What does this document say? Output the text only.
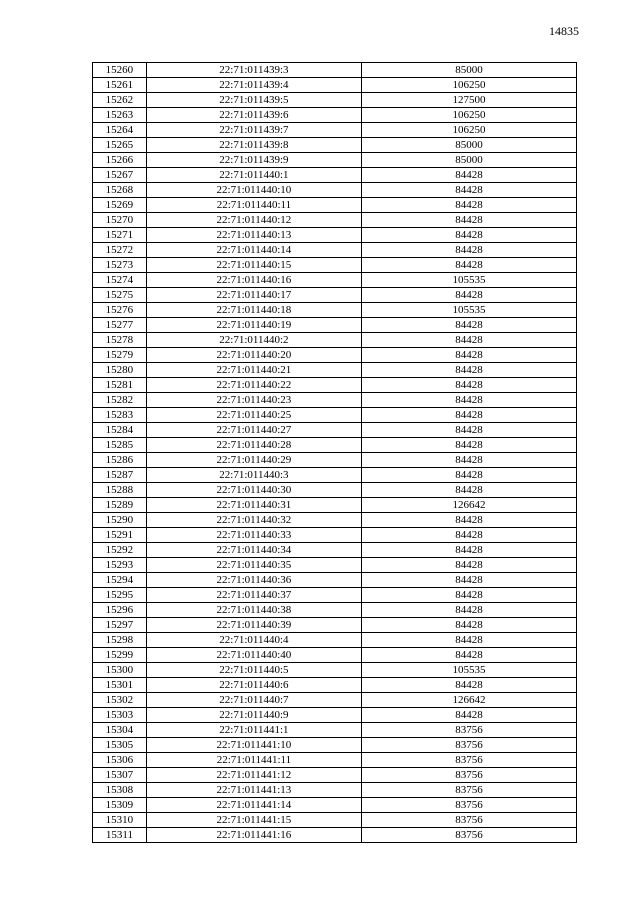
14835
15260	22:71:011439:3	85000
15261	22:71:011439:4	106250
15262	22:71:011439:5	127500
15263	22:71:011439:6	106250
15264	22:71:011439:7	106250
15265	22:71:011439:8	85000
15266	22:71:011439:9	85000
15267	22:71:011440:1	84428
15268	22:71:011440:10	84428
15269	22:71:011440:11	84428
15270	22:71:011440:12	84428
15271	22:71:011440:13	84428
15272	22:71:011440:14	84428
15273	22:71:011440:15	84428
15274	22:71:011440:16	105535
15275	22:71:011440:17	84428
15276	22:71:011440:18	105535
15277	22:71:011440:19	84428
15278	22:71:011440:2	84428
15279	22:71:011440:20	84428
15280	22:71:011440:21	84428
15281	22:71:011440:22	84428
15282	22:71:011440:23	84428
15283	22:71:011440:25	84428
15284	22:71:011440:27	84428
15285	22:71:011440:28	84428
15286	22:71:011440:29	84428
15287	22:71:011440:3	84428
15288	22:71:011440:30	84428
15289	22:71:011440:31	126642
15290	22:71:011440:32	84428
15291	22:71:011440:33	84428
15292	22:71:011440:34	84428
15293	22:71:011440:35	84428
15294	22:71:011440:36	84428
15295	22:71:011440:37	84428
15296	22:71:011440:38	84428
15297	22:71:011440:39	84428
15298	22:71:011440:4	84428
15299	22:71:011440:40	84428
15300	22:71:011440:5	105535
15301	22:71:011440:6	84428
15302	22:71:011440:7	126642
15303	22:71:011440:9	84428
15304	22:71:011441:1	83756
15305	22:71:011441:10	83756
15306	22:71:011441:11	83756
15307	22:71:011441:12	83756
15308	22:71:011441:13	83756
15309	22:71:011441:14	83756
15310	22:71:011441:15	83756
15311	22:71:011441:16	83756
